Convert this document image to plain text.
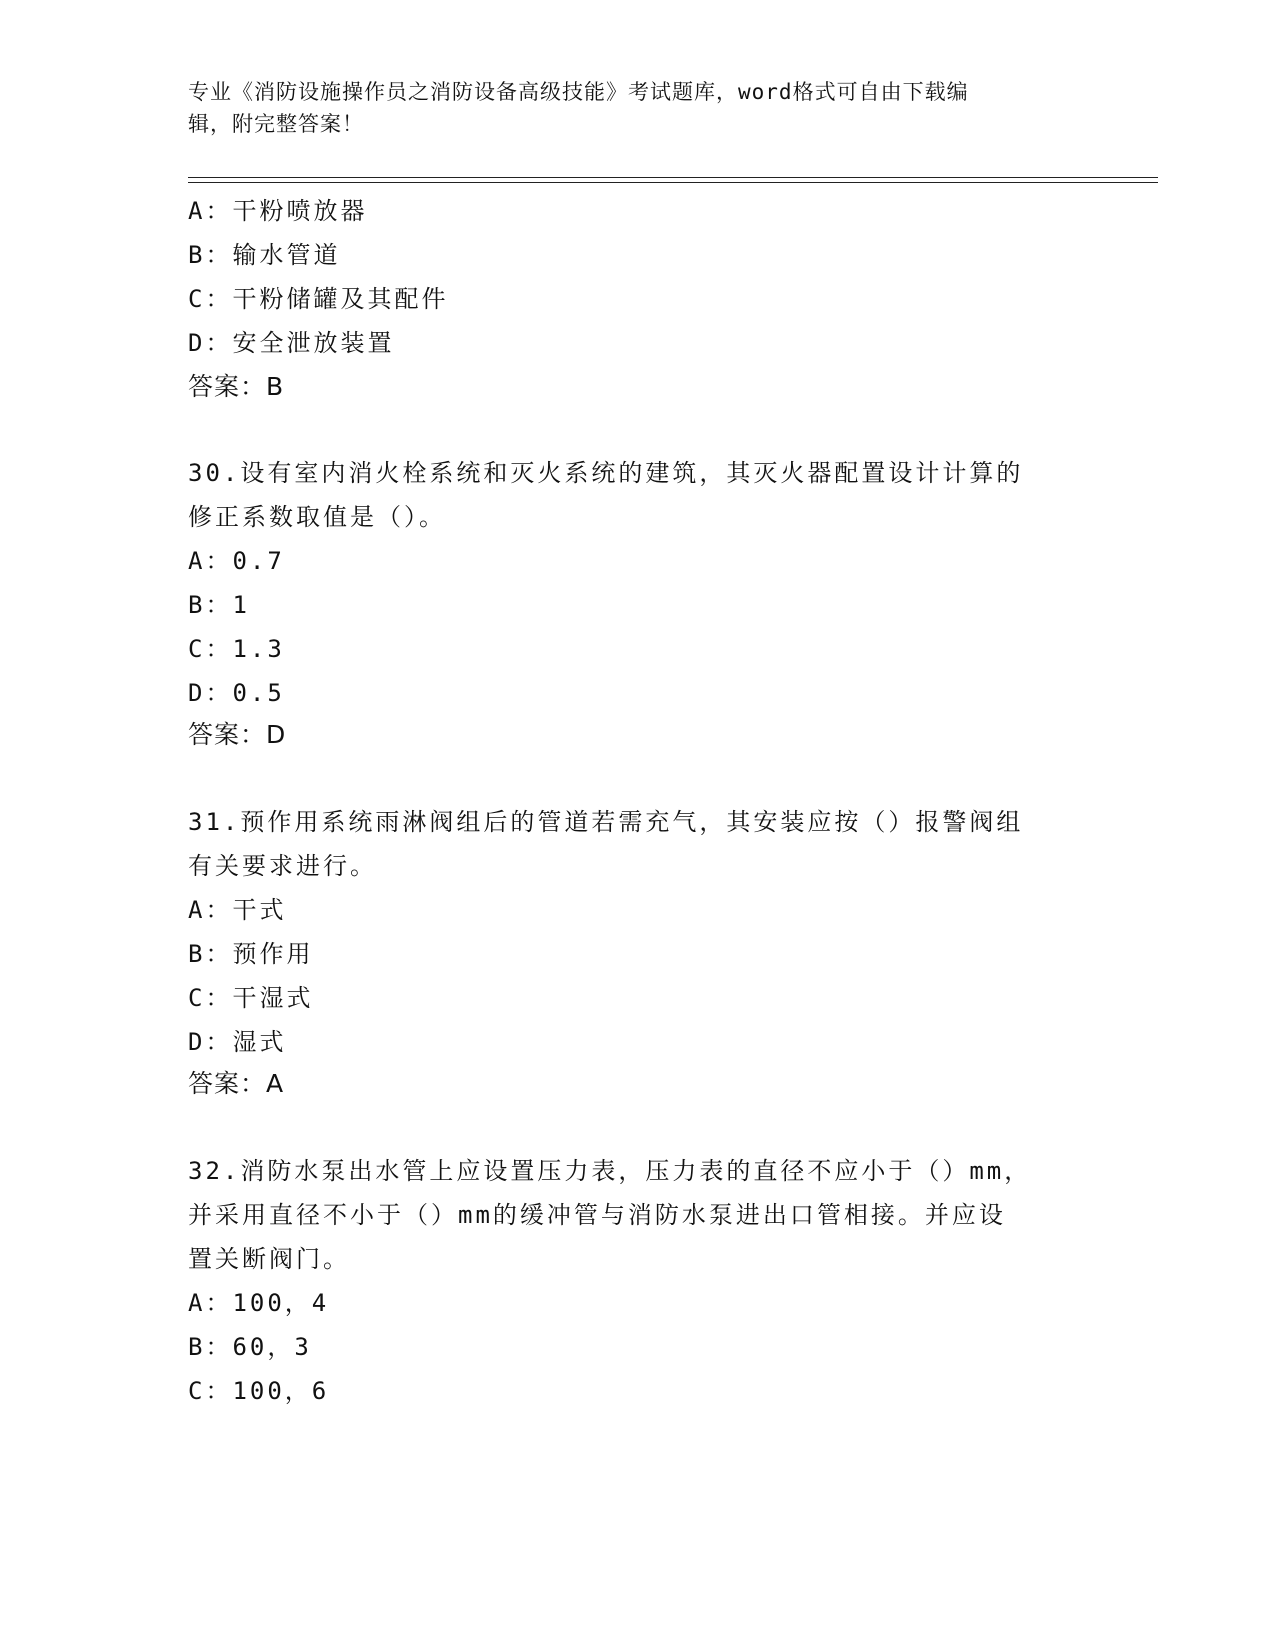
专业《消防设施操作员之消防设备高级技能》考试题库，word格式可自由下载编
辑，附完整答案！
A：干粉喷放器
B：输水管道
C：干粉储罐及其配件
D：安全泄放装置
答案：B
30.设有室内消火栓系统和灭火系统的建筑，其灭火器配置设计计算的
修正系数取值是（）。
A：0.7
B：1
C：1.3
D：0.5
答案：D
31.预作用系统雨淋阀组后的管道若需充气，其安装应按（）报警阀组
有关要求进行。
A：干式
B：预作用
C：干湿式
D：湿式
答案：A
32.消防水泵出水管上应设置压力表，压力表的直径不应小于（）mm，
并采用直径不小于（）mm的缓冲管与消防水泵进出口管相接。并应设
置关断阀门。
A：100，4
B：60，3
C：100，6
